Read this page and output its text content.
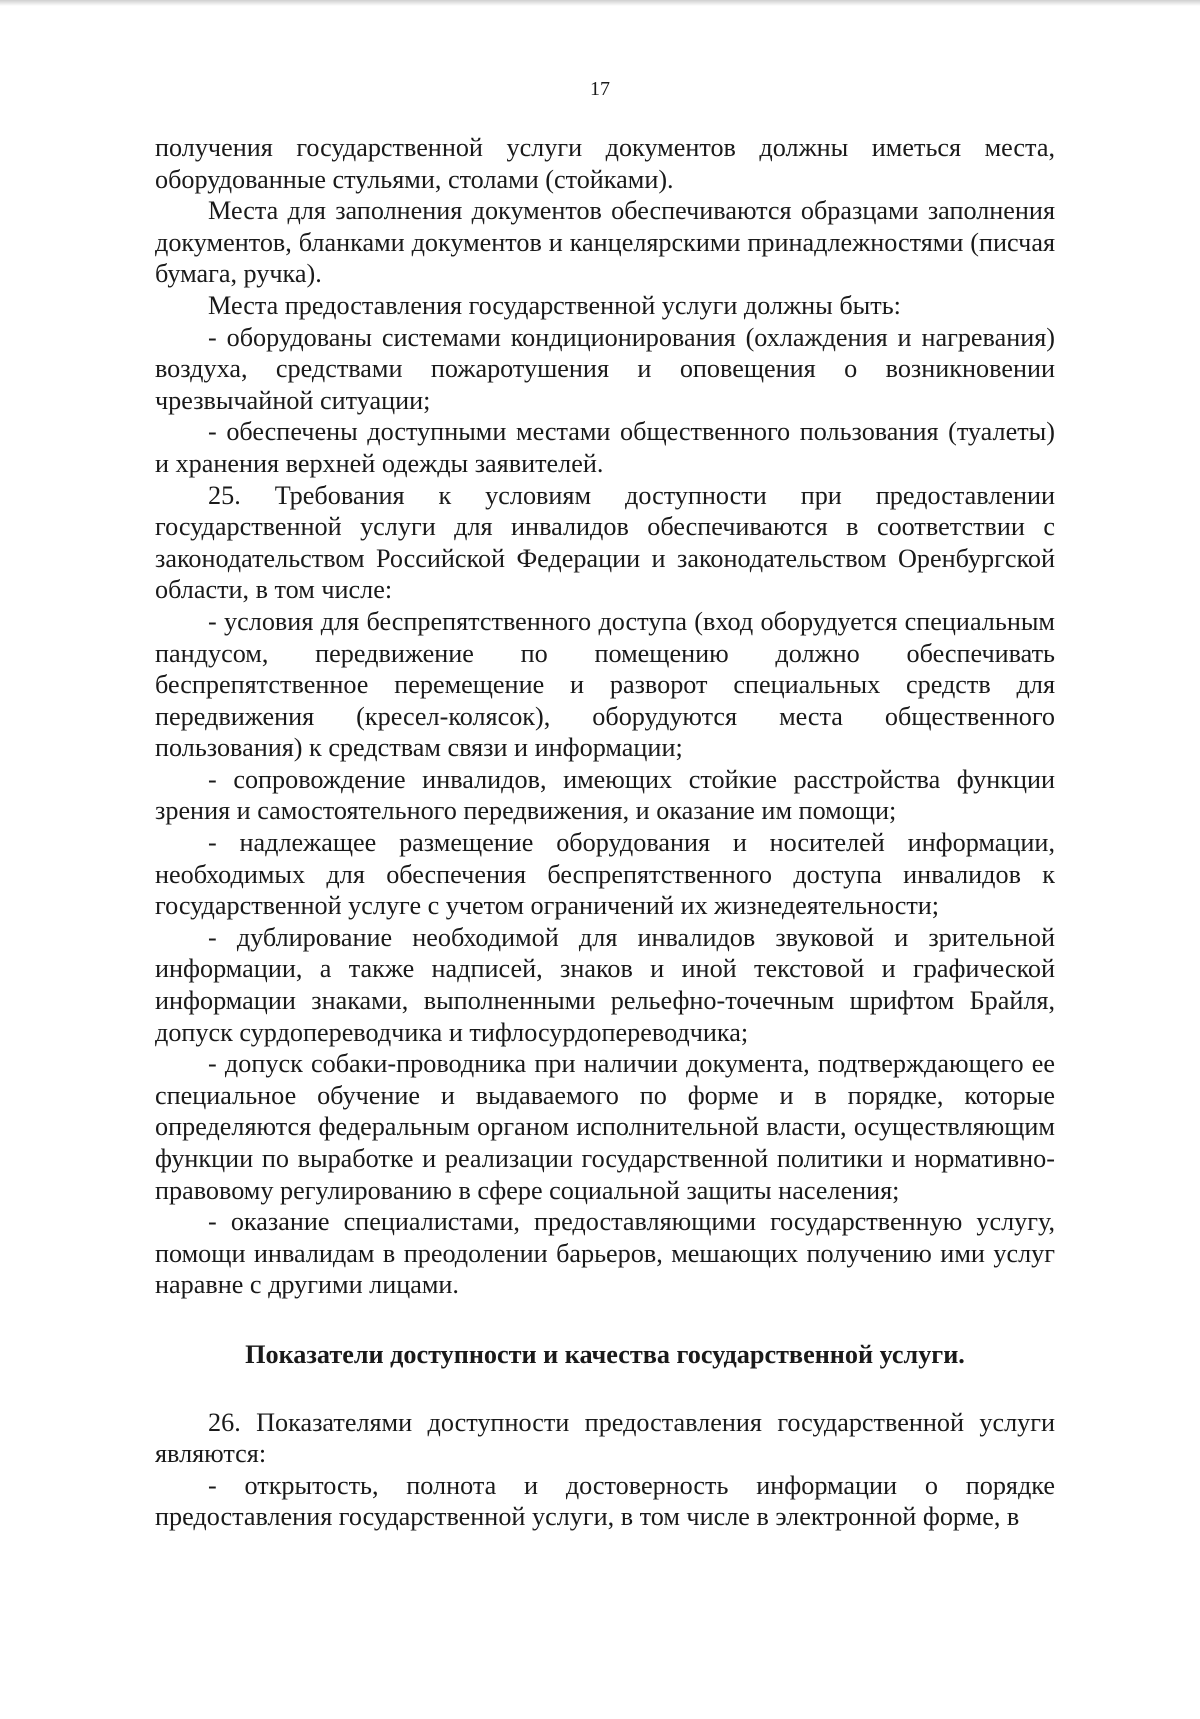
17

получения государственной услуги документов должны иметься места, оборудованные стульями, столами (стойками).

Места для заполнения документов обеспечиваются образцами заполнения документов, бланками документов и канцелярскими принадлежностями (писчая бумага, ручка).

Места предоставления государственной услуги должны быть:

- оборудованы системами кондиционирования (охлаждения и нагревания) воздуха, средствами пожаротушения и оповещения о возникновении чрезвычайной ситуации;

- обеспечены доступными местами общественного пользования (туалеты) и хранения верхней одежды заявителей.

25. Требования к условиям доступности при предоставлении государственной услуги для инвалидов обеспечиваются в соответствии с законодательством Российской Федерации и законодательством Оренбургской области, в том числе:

- условия для беспрепятственного доступа (вход оборудуется специальным пандусом, передвижение по помещению должно обеспечивать беспрепятственное перемещение и разворот специальных средств для передвижения (кресел-колясок), оборудуются места общественного пользования) к средствам связи и информации;

- сопровождение инвалидов, имеющих стойкие расстройства функции зрения и самостоятельного передвижения, и оказание им помощи;

- надлежащее размещение оборудования и носителей информации, необходимых для обеспечения беспрепятственного доступа инвалидов к государственной услуге с учетом ограничений их жизнедеятельности;

- дублирование необходимой для инвалидов звуковой и зрительной информации, а также надписей, знаков и иной текстовой и графической информации знаками, выполненными рельефно-точечным шрифтом Брайля, допуск сурдопереводчика и тифлосурдопереводчика;

- допуск собаки-проводника при наличии документа, подтверждающего ее специальное обучение и выдаваемого по форме и в порядке, которые определяются федеральным органом исполнительной власти, осуществляющим функции по выработке и реализации государственной политики и нормативно-правовому регулированию в сфере социальной защиты населения;

- оказание специалистами, предоставляющими государственную услугу, помощи инвалидам в преодолении барьеров, мешающих получению ими услуг наравне с другими лицами.

Показатели доступности и качества государственной услуги.

26. Показателями доступности предоставления государственной услуги являются:

- открытость, полнота и достоверность информации о порядке предоставления государственной услуги, в том числе в электронной форме, в
